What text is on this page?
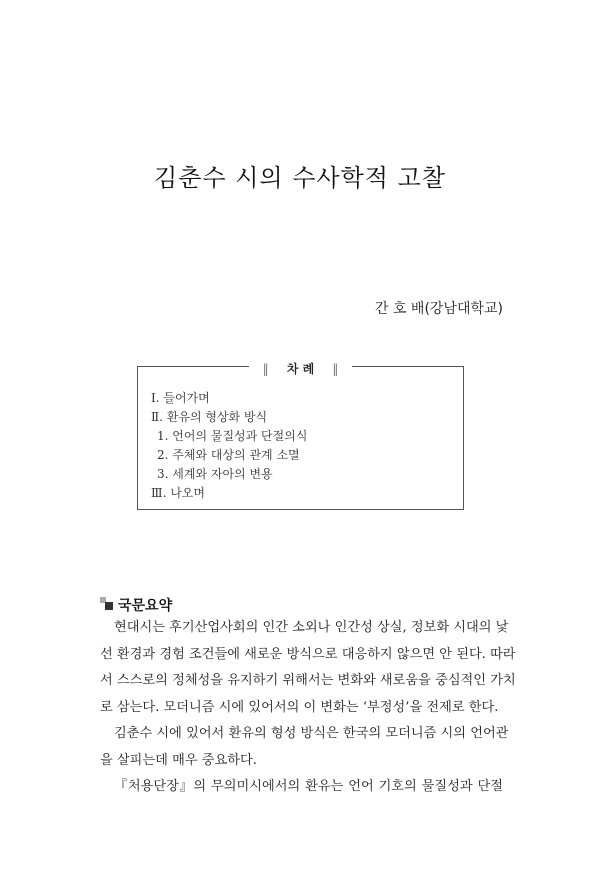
김춘수 시의 수사학적 고찰
간 호 배(강남대학교)
‖ 차 례 ‖
Ⅰ. 들어가며
Ⅱ. 환유의 형상화 방식
1. 언어의 물질성과 단절의식
2. 주체와 대상의 관계 소멸
3. 세계와 자아의 변용
Ⅲ. 나오며
국문요약
현대시는 후기산업사회의 인간 소외나 인간성 상실, 정보화 시대의 낯
선 환경과 경험 조건들에 새로운 방식으로 대응하지 않으면 안 된다. 따라
서 스스로의 정체성을 유지하기 위해서는 변화와 새로움을 중심적인 가치
로 삼는다. 모더니즘 시에 있어서의 이 변화는 ‘부정성’을 전제로 한다.
김춘수 시에 있어서 환유의 형성 방식은 한국의 모더니즘 시의 언어관
을 살피는데 매우 중요하다.
『처용단장』의 무의미시에서의 환유는 언어 기호의 물질성과 단절
